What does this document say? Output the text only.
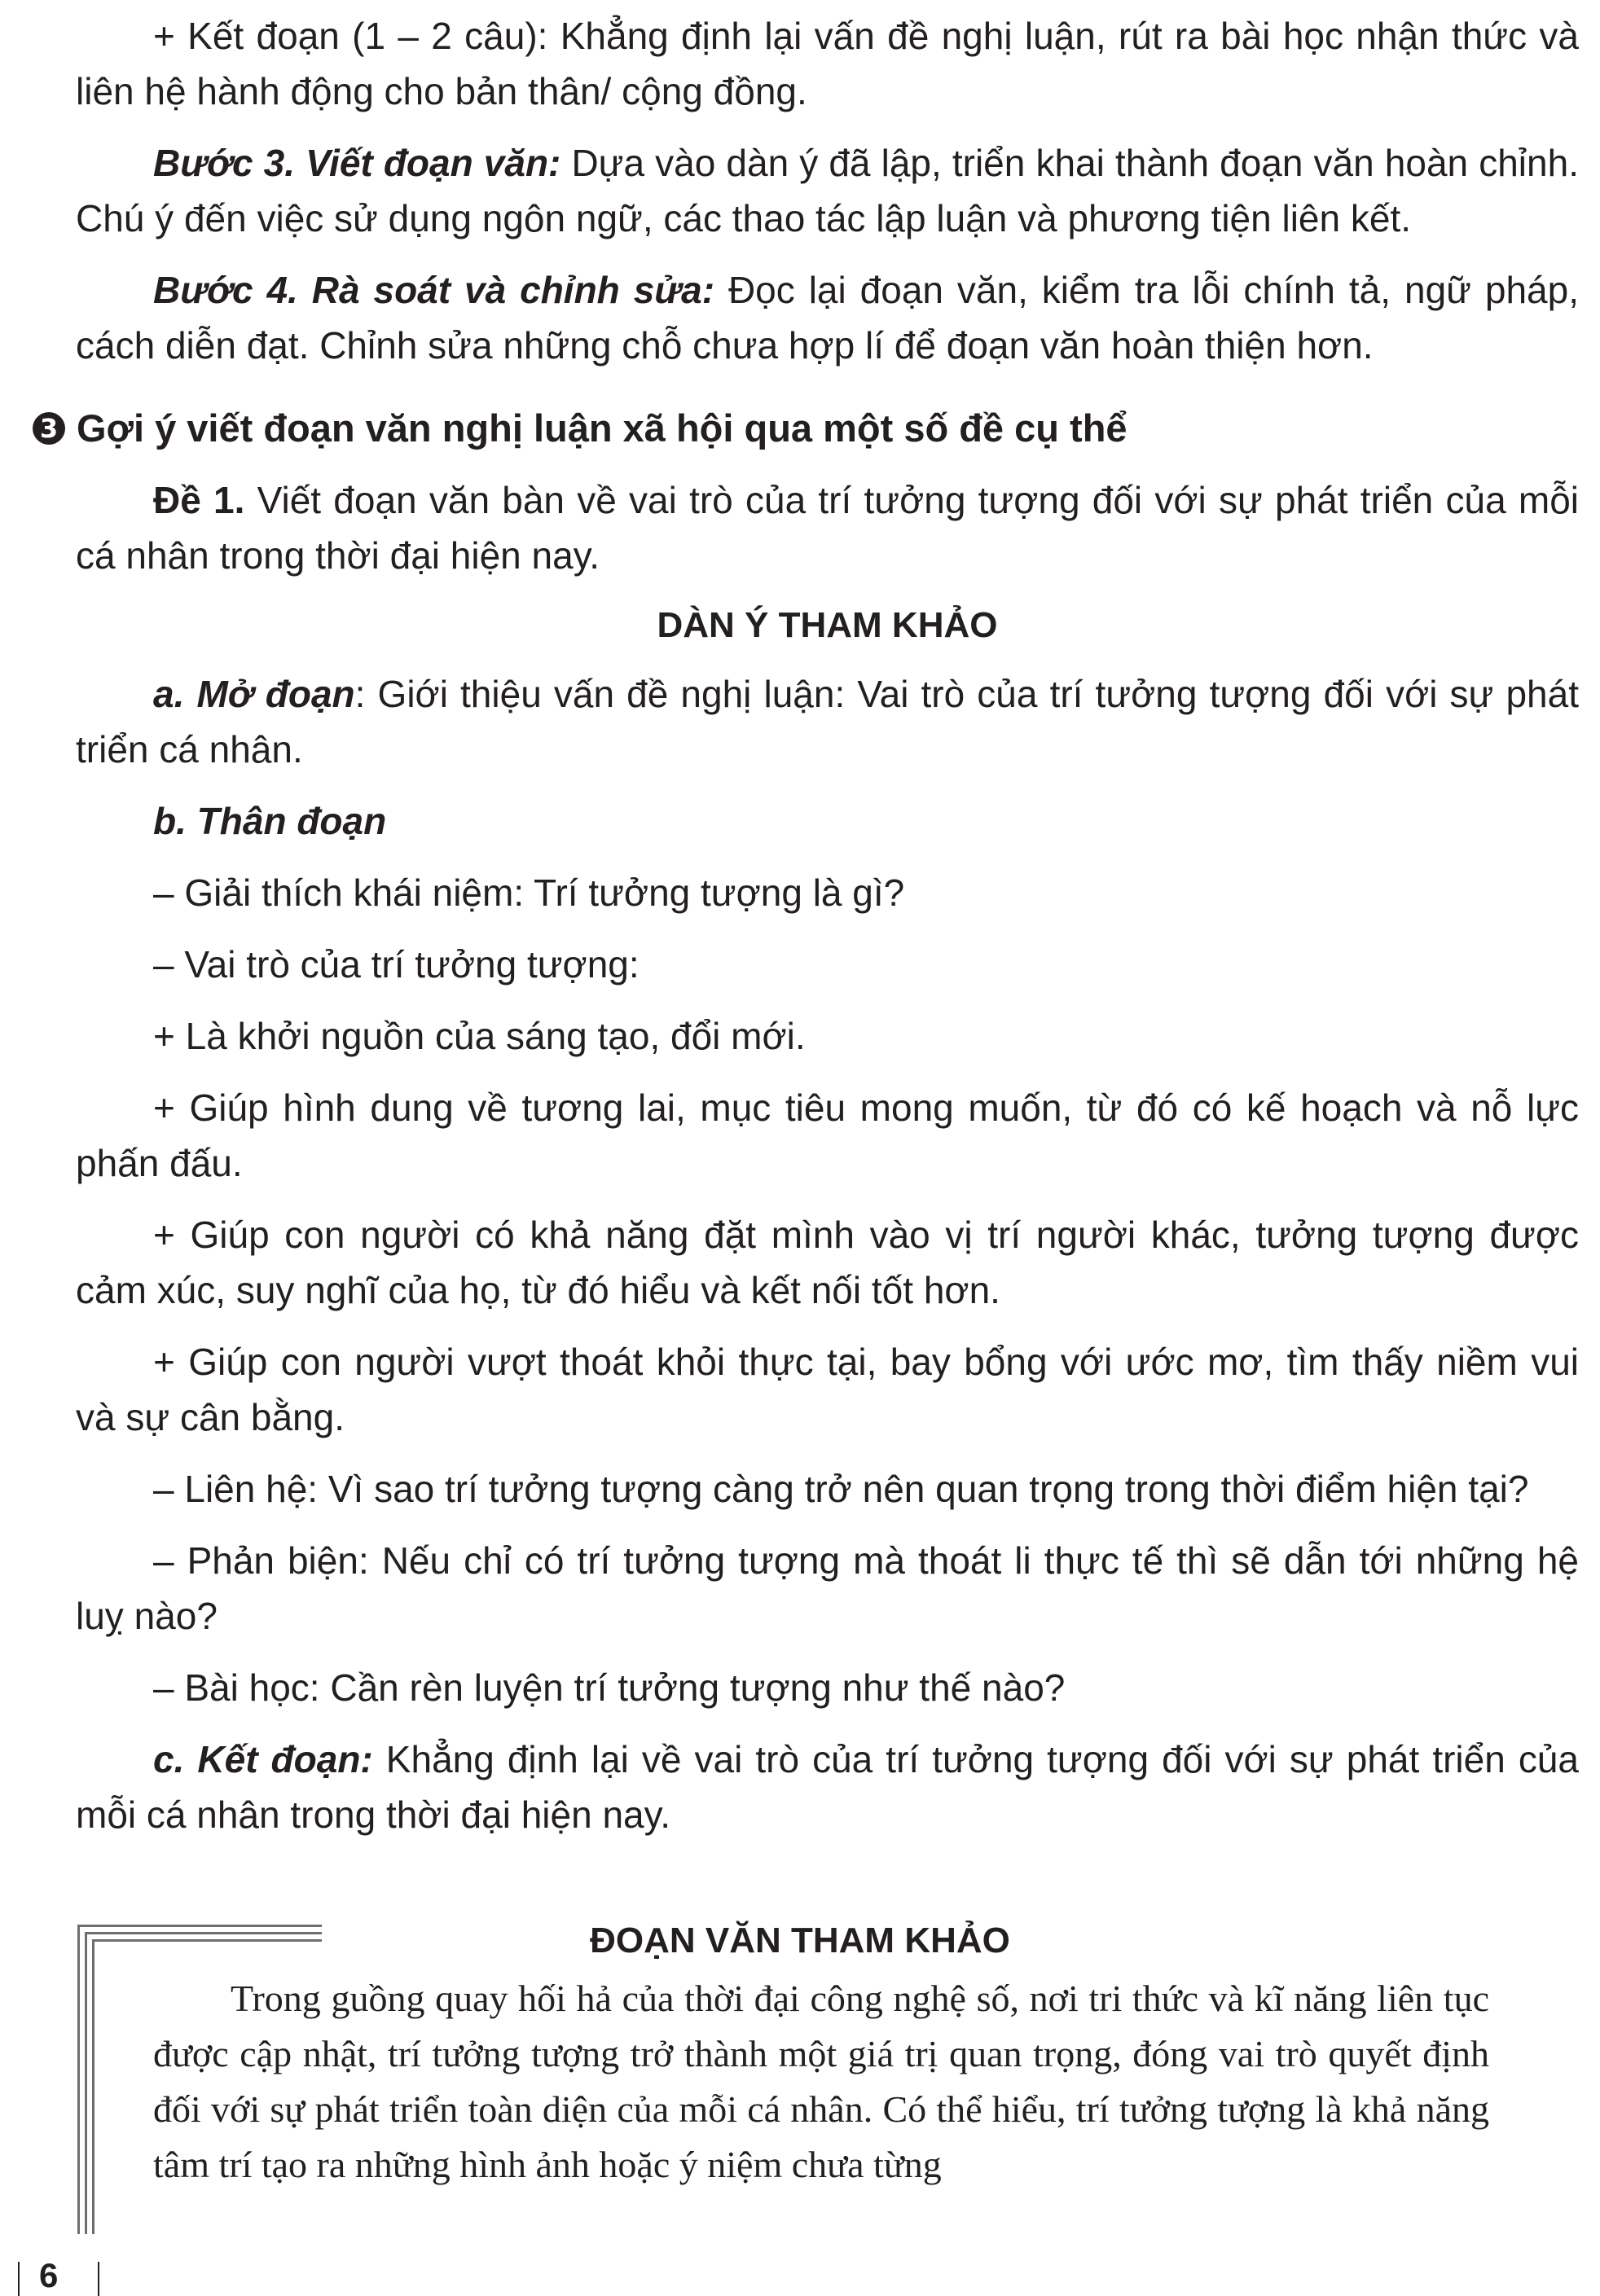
+ Kết đoạn (1 – 2 câu): Khẳng định lại vấn đề nghị luận, rút ra bài học nhận thức và liên hệ hành động cho bản thân/ cộng đồng.

Bước 3. Viết đoạn văn: Dựa vào dàn ý đã lập, triển khai thành đoạn văn hoàn chỉnh. Chú ý đến việc sử dụng ngôn ngữ, các thao tác lập luận và phương tiện liên kết.

Bước 4. Rà soát và chỉnh sửa: Đọc lại đoạn văn, kiểm tra lỗi chính tả, ngữ pháp, cách diễn đạt. Chỉnh sửa những chỗ chưa hợp lí để đoạn văn hoàn thiện hơn.

3 Gợi ý viết đoạn văn nghị luận xã hội qua một số đề cụ thể

Đề 1. Viết đoạn văn bàn về vai trò của trí tưởng tượng đối với sự phát triển của mỗi cá nhân trong thời đại hiện nay.

DÀN Ý THAM KHẢO

a. Mở đoạn: Giới thiệu vấn đề nghị luận: Vai trò của trí tưởng tượng đối với sự phát triển cá nhân.

b. Thân đoạn

– Giải thích khái niệm: Trí tưởng tượng là gì?

– Vai trò của trí tưởng tượng:

+ Là khởi nguồn của sáng tạo, đổi mới.

+ Giúp hình dung về tương lai, mục tiêu mong muốn, từ đó có kế hoạch và nỗ lực phấn đấu.

+ Giúp con người có khả năng đặt mình vào vị trí người khác, tưởng tượng được cảm xúc, suy nghĩ của họ, từ đó hiểu và kết nối tốt hơn.

+ Giúp con người vượt thoát khỏi thực tại, bay bổng với ước mơ, tìm thấy niềm vui và sự cân bằng.

– Liên hệ: Vì sao trí tưởng tượng càng trở nên quan trọng trong thời điểm hiện tại?

– Phản biện: Nếu chỉ có trí tưởng tượng mà thoát li thực tế thì sẽ dẫn tới những hệ luỵ nào?

– Bài học: Cần rèn luyện trí tưởng tượng như thế nào?

c. Kết đoạn: Khẳng định lại về vai trò của trí tưởng tượng đối với sự phát triển của mỗi cá nhân trong thời đại hiện nay.

ĐOẠN VĂN THAM KHẢO

Trong guồng quay hối hả của thời đại công nghệ số, nơi tri thức và kĩ năng liên tục được cập nhật, trí tưởng tượng trở thành một giá trị quan trọng, đóng vai trò quyết định đối với sự phát triển toàn diện của mỗi cá nhân. Có thể hiểu, trí tưởng tượng là khả năng tâm trí tạo ra những hình ảnh hoặc ý niệm chưa từng

6
